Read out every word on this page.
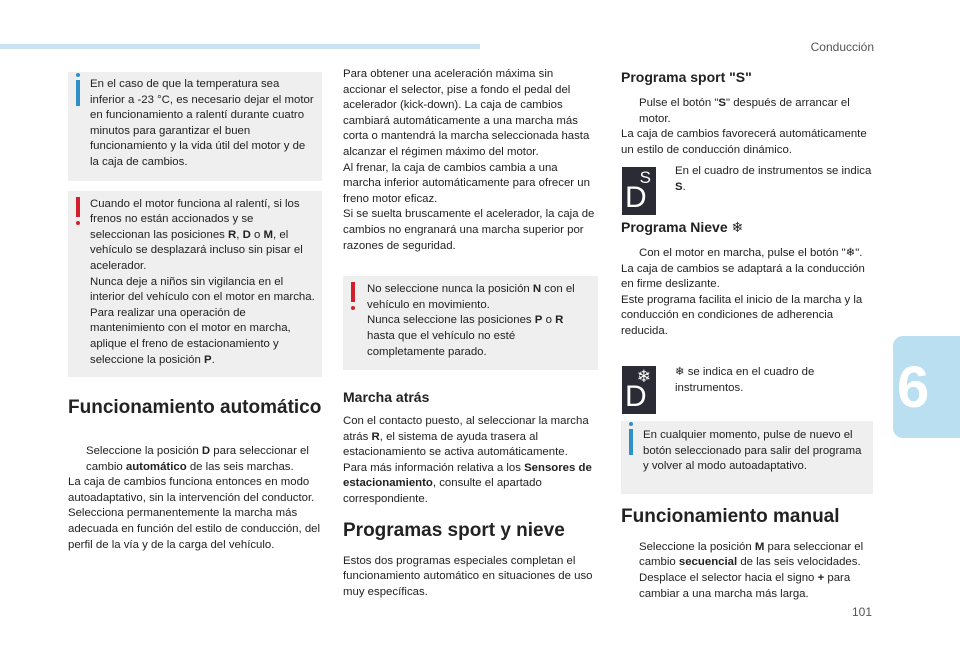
Conducción
101
6

En el caso de que la temperatura sea inferior a -23 °C, es necesario dejar el motor en funcionamiento a ralentí durante cuatro minutos para garantizar el buen funcionamiento y la vida útil del motor y de la caja de cambios.

Cuando el motor funciona al ralentí, si los frenos no están accionados y se seleccionan las posiciones R, D o M, el vehículo se desplazará incluso sin pisar el acelerador.

Nunca deje a niños sin vigilancia en el interior del vehículo con el motor en marcha.

Para realizar una operación de mantenimiento con el motor en marcha, aplique el freno de estacionamiento y seleccione la posición P.

Funcionamiento automático

Seleccione la posición D para seleccionar el cambio automático de las seis marchas.

La caja de cambios funciona entonces en modo autoadaptativo, sin la intervención del conductor. Selecciona permanentemente la marcha más adecuada en función del estilo de conducción, del perfil de la vía y de la carga del vehículo.

Para obtener una aceleración máxima sin accionar el selector, pise a fondo el pedal del acelerador (kick-down). La caja de cambios cambiará automáticamente a una marcha más corta o mantendrá la marcha seleccionada hasta alcanzar el régimen máximo del motor.

Al frenar, la caja de cambios cambia a una marcha inferior automáticamente para ofrecer un freno motor eficaz.

Si se suelta bruscamente el acelerador, la caja de cambios no engranará una marcha superior por razones de seguridad.

No seleccione nunca la posición N con el vehículo en movimiento.

Nunca seleccione las posiciones P o R hasta que el vehículo no esté completamente parado.

Marcha atrás

Con el contacto puesto, al seleccionar la marcha atrás R, el sistema de ayuda trasera al estacionamiento se activa automáticamente.

Para más información relativa a los Sensores de estacionamiento, consulte el apartado correspondiente.

Programas sport y nieve

Estos dos programas especiales completan el funcionamiento automático en situaciones de uso muy específicas.

Programa sport "S"

Pulse el botón "S" después de arrancar el motor.

La caja de cambios favorecerá automáticamente un estilo de conducción dinámico.

S
D

En el cuadro de instrumentos se indica S.

Programa Nieve ❄

Con el motor en marcha, pulse el botón "❄".

La caja de cambios se adaptará a la conducción en firme deslizante.

Este programa facilita el inicio de la marcha y la conducción en condiciones de adherencia reducida.

❄
D

❄ se indica en el cuadro de instrumentos.

En cualquier momento, pulse de nuevo el botón seleccionado para salir del programa y volver al modo autoadaptativo.

Funcionamiento manual

Seleccione la posición M para seleccionar el cambio secuencial de las seis velocidades.

Desplace el selector hacia el signo + para cambiar a una marcha más larga.
